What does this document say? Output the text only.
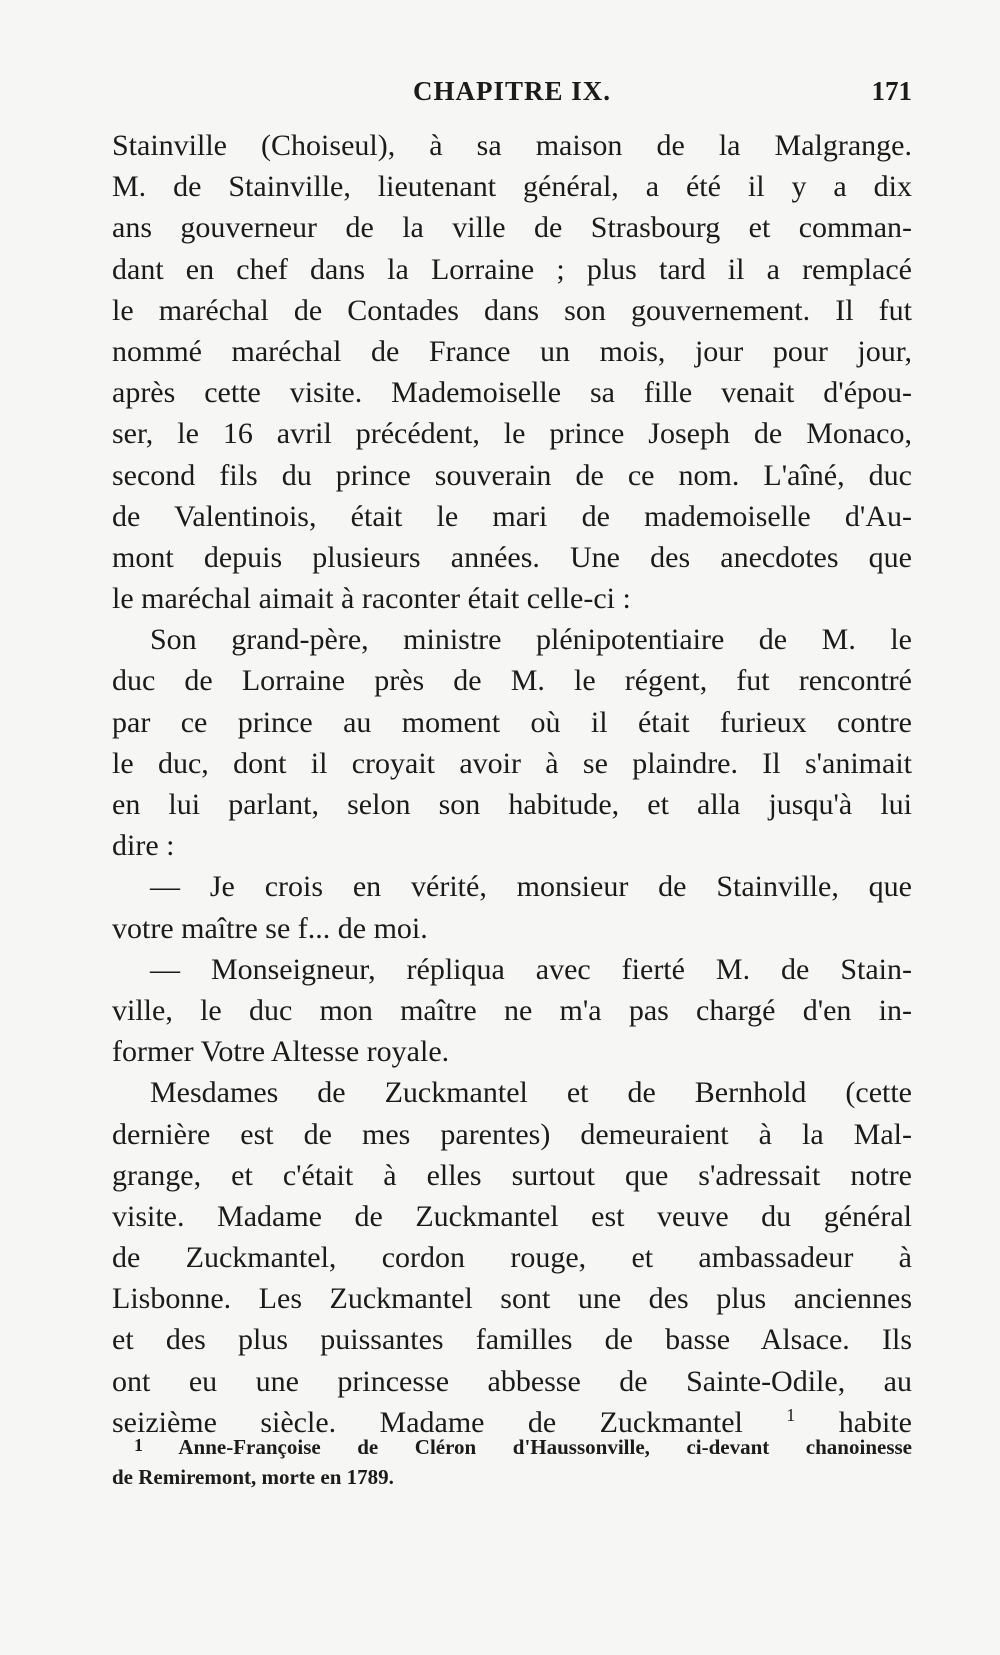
CHAPITRE IX.	171
Stainville (Choiseul), à sa maison de la Malgrange.
M. de Stainville, lieutenant général, a été il y a dix
ans gouverneur de la ville de Strasbourg et comman-
dant en chef dans la Lorraine ; plus tard il a remplacé
le maréchal de Contades dans son gouvernement. Il fut
nommé maréchal de France un mois, jour pour jour,
après cette visite. Mademoiselle sa fille venait d'épou-
ser, le 16 avril précédent, le prince Joseph de Monaco,
second fils du prince souverain de ce nom. L'aîné, duc
de Valentinois, était le mari de mademoiselle d'Au-
mont depuis plusieurs années. Une des anecdotes que
le maréchal aimait à raconter était celle-ci :
Son grand-père, ministre plénipotentiaire de M. le
duc de Lorraine près de M. le régent, fut rencontré
par ce prince au moment où il était furieux contre
le duc, dont il croyait avoir à se plaindre. Il s'animait
en lui parlant, selon son habitude, et alla jusqu'à lui
dire :
— Je crois en vérité, monsieur de Stainville, que
votre maître se f... de moi.
— Monseigneur, répliqua avec fierté M. de Stain-
ville, le duc mon maître ne m'a pas chargé d'en in-
former Votre Altesse royale.
Mesdames de Zuckmantel et de Bernhold (cette
dernière est de mes parentes) demeuraient à la Mal-
grange, et c'était à elles surtout que s'adressait notre
visite. Madame de Zuckmantel est veuve du général
de Zuckmantel, cordon rouge, et ambassadeur à
Lisbonne. Les Zuckmantel sont une des plus anciennes
et des plus puissantes familles de basse Alsace. Ils
ont eu une princesse abbesse de Sainte-Odile, au
seizième siècle. Madame de Zuckmantel $^1$ habite
$^1$ Anne-Françoise de Cléron d'Haussonville, ci-devant chanoinesse
de Remiremont, morte en 1789.
